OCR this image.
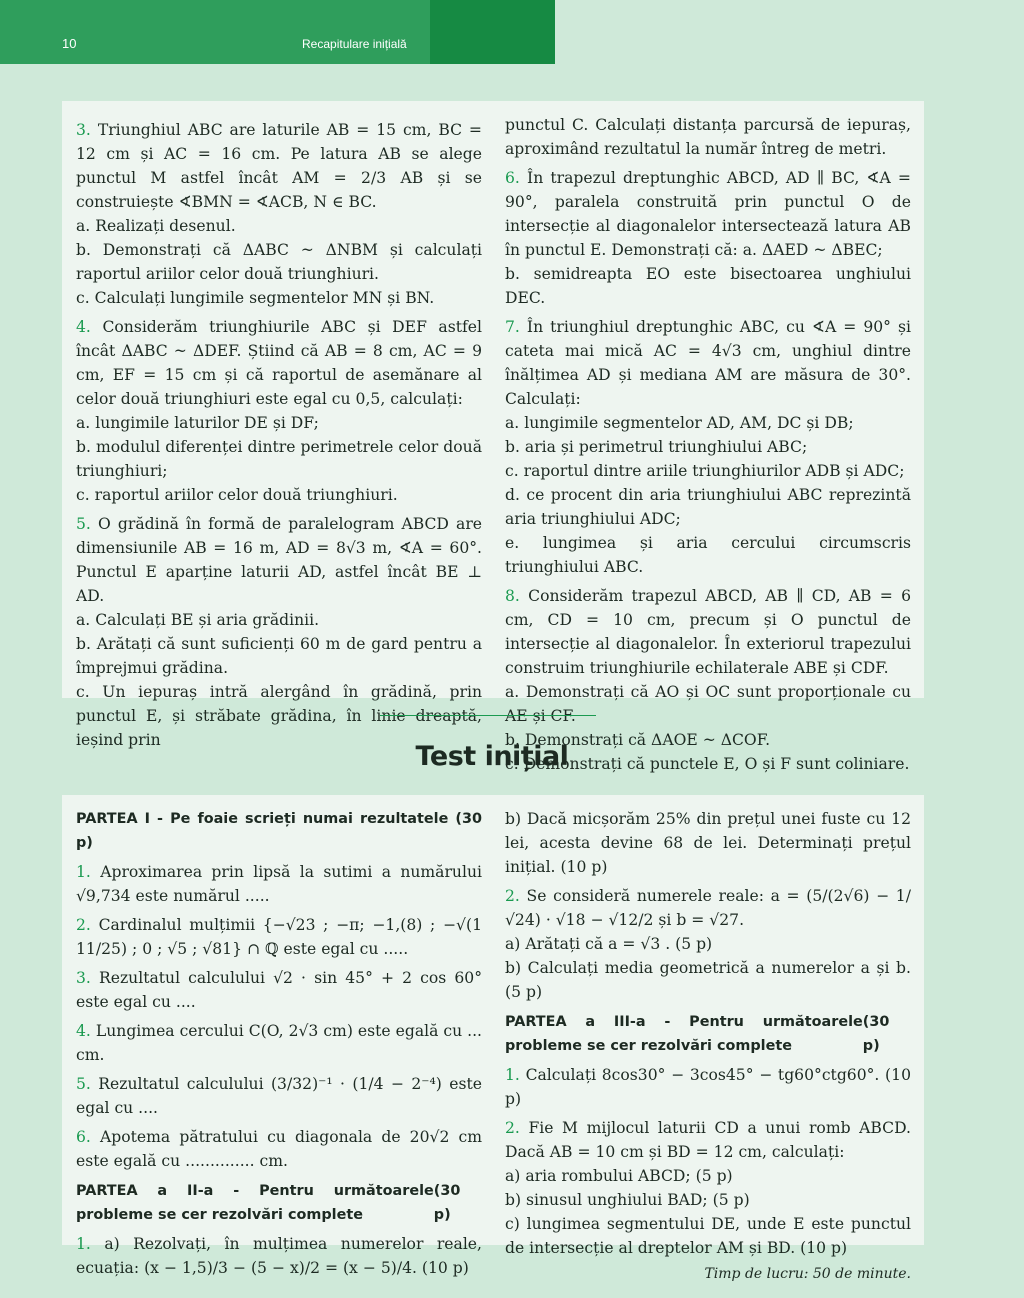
10	Recapitulare inițială

3. Triunghiul ABC are laturile AB = 15 cm, BC = 12 cm și AC = 16 cm. Pe latura AB se alege punctul M astfel încât AM = 2/3 AB și se construiește ∢BMN = ∢ACB, N ∈ BC.

a. Realizați desenul.

b. Demonstrați că ΔABC ~ ΔNBM și calculați raportul ariilor celor două triunghiuri.

c. Calculați lungimile segmentelor MN și BN.

4. Considerăm triunghiurile ABC și DEF astfel încât ΔABC ~ ΔDEF. Știind că AB = 8 cm, AC = 9 cm, EF = 15 cm și că raportul de asemănare al celor două triunghiuri este egal cu 0,5, calculați:

a. lungimile laturilor DE și DF;

b. modulul diferenței dintre perimetrele celor două triunghiuri;

c. raportul ariilor celor două triunghiuri.

5. O grădină în formă de paralelogram ABCD are dimensiunile AB = 16 m, AD = 8√3 m, ∢A = 60°. Punctul E aparține laturii AD, astfel încât BE ⊥ AD.

a. Calculați BE și aria grădinii.

b. Arătați că sunt suficienți 60 m de gard pentru a împrejmui grădina.

c. Un iepuraș intră alergând în grădină, prin punctul E, și străbate grădina, în linie dreaptă, ieșind prin

punctul C. Calculați distanța parcursă de iepuraș, aproximând rezultatul la număr întreg de metri.

6. În trapezul dreptunghic ABCD, AD ∥ BC, ∢A = 90°, paralela construită prin punctul O de intersecție al diagonalelor intersectează latura AB în punctul E. Demonstrați că: a. ΔAED ~ ΔBEC;

b. semidreapta EO este bisectoarea unghiului DEC.

7. În triunghiul dreptunghic ABC, cu ∢A = 90° și cateta mai mică AC = 4√3 cm, unghiul dintre înălțimea AD și mediana AM are măsura de 30°. Calculați:

a. lungimile segmentelor AD, AM, DC și DB;

b. aria și perimetrul triunghiului ABC;

c. raportul dintre ariile triunghiurilor ADB și ADC;

d. ce procent din aria triunghiului ABC reprezintă aria triunghiului ADC;

e. lungimea și aria cercului circumscris triunghiului ABC.

8. Considerăm trapezul ABCD, AB ∥ CD, AB = 6 cm, CD = 10 cm, precum și O punctul de intersecție al diagonalelor. În exteriorul trapezului construim triunghiurile echilaterale ABE și CDF.

a. Demonstrați că AO și OC sunt proporționale cu AE și CF.

b. Demonstrați că ΔAOE ~ ΔCOF.

c. Demonstrați că punctele E, O și F sunt coliniare.

Test inițial

PARTEA I - Pe foaie scrieți numai rezultatele (30 p)

1. Aproximarea prin lipsă la sutimi a numărului √9,734 este numărul .....

2. Cardinalul mulțimii {−√23 ; −π; −1,(8) ; −√(1 11/25) ; 0 ; √5 ; √81} ∩ ℚ este egal cu .....

3. Rezultatul calculului √2 · sin 45° + 2 cos 60° este egal cu ....

4. Lungimea cercului C(O, 2√3 cm) este egală cu ... cm.

5. Rezultatul calculului (3/32)⁻¹ · (1/4 − 2⁻⁴) este egal cu ....

6. Apotema pătratului cu diagonala de 20√2 cm este egală cu .............. cm.

PARTEA a II-a - Pentru următoarele probleme se cer rezolvări complete

(30 p)

1. a) Rezolvați, în mulțimea numerelor reale, ecuația: (x − 1,5)/3 − (5 − x)/2 = (x − 5)/4. (10 p)

b) Dacă micșorăm 25% din prețul unei fuste cu 12 lei, acesta devine 68 de lei. Determinați prețul inițial. (10 p)

2. Se consideră numerele reale: a = (5/(2√6) − 1/√24) · √18 − √12/2 și b = √27.

a) Arătați că a = √3 . (5 p)

b) Calculați media geometrică a numerelor a și b. (5 p)

PARTEA a III-a - Pentru următoarele probleme se cer rezolvări complete

(30 p)

1. Calculați 8cos30° − 3cos45° − tg60°ctg60°. (10 p)

2. Fie M mijlocul laturii CD a unui romb ABCD. Dacă AB = 10 cm și BD = 12 cm, calculați:

a) aria rombului ABCD; (5 p)

b) sinusul unghiului BAD; (5 p)

c) lungimea segmentului DE, unde E este punctul de intersecție al dreptelor AM și BD. (10 p)

Timp de lucru: 50 de minute.
